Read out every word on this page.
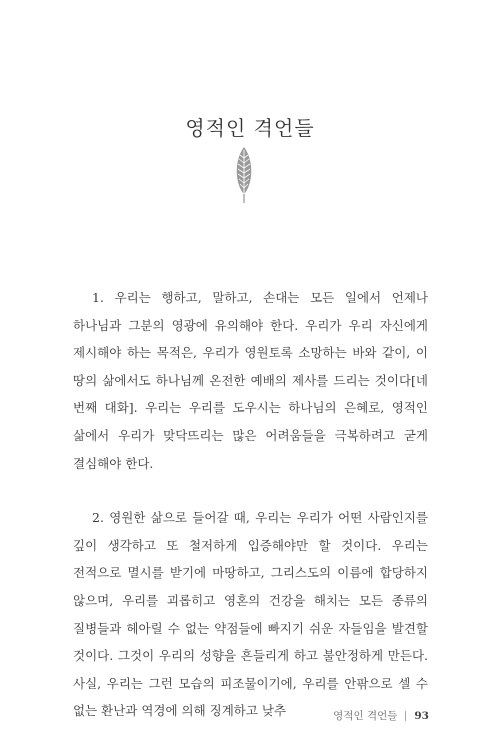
영적인 격언들

1. 우리는 행하고, 말하고, 손대는 모든 일에서 언제나 하나님과 그분의 영광에 유의해야 한다. 우리가 우리 자신에게 제시해야 하는 목적은, 우리가 영원토록 소망하는 바와 같이, 이 땅의 삶에서도 하나님께 온전한 예배의 제사를 드리는 것이다[네 번째 대화]. 우리는 우리를 도우시는 하나님의 은혜로, 영적인 삶에서 우리가 맞닥뜨리는 많은 어려움들을 극복하려고 굳게 결심해야 한다.

2. 영원한 삶으로 들어갈 때, 우리는 우리가 어떤 사람인지를 깊이 생각하고 또 철저하게 입증해야만 할 것이다. 우리는 전적으로 멸시를 받기에 마땅하고, 그리스도의 이름에 합당하지 않으며, 우리를 괴롭히고 영혼의 건강을 해치는 모든 종류의 질병들과 헤아릴 수 없는 약점들에 빠지기 쉬운 자들임을 발견할 것이다. 그것이 우리의 성향을 흔들리게 하고 불안정하게 만든다. 사실, 우리는 그런 모습의 피조물이기에, 우리를 안팎으로 셀 수 없는 환난과 역경에 의해 징계하고 낮추	영적인 격언들 93
